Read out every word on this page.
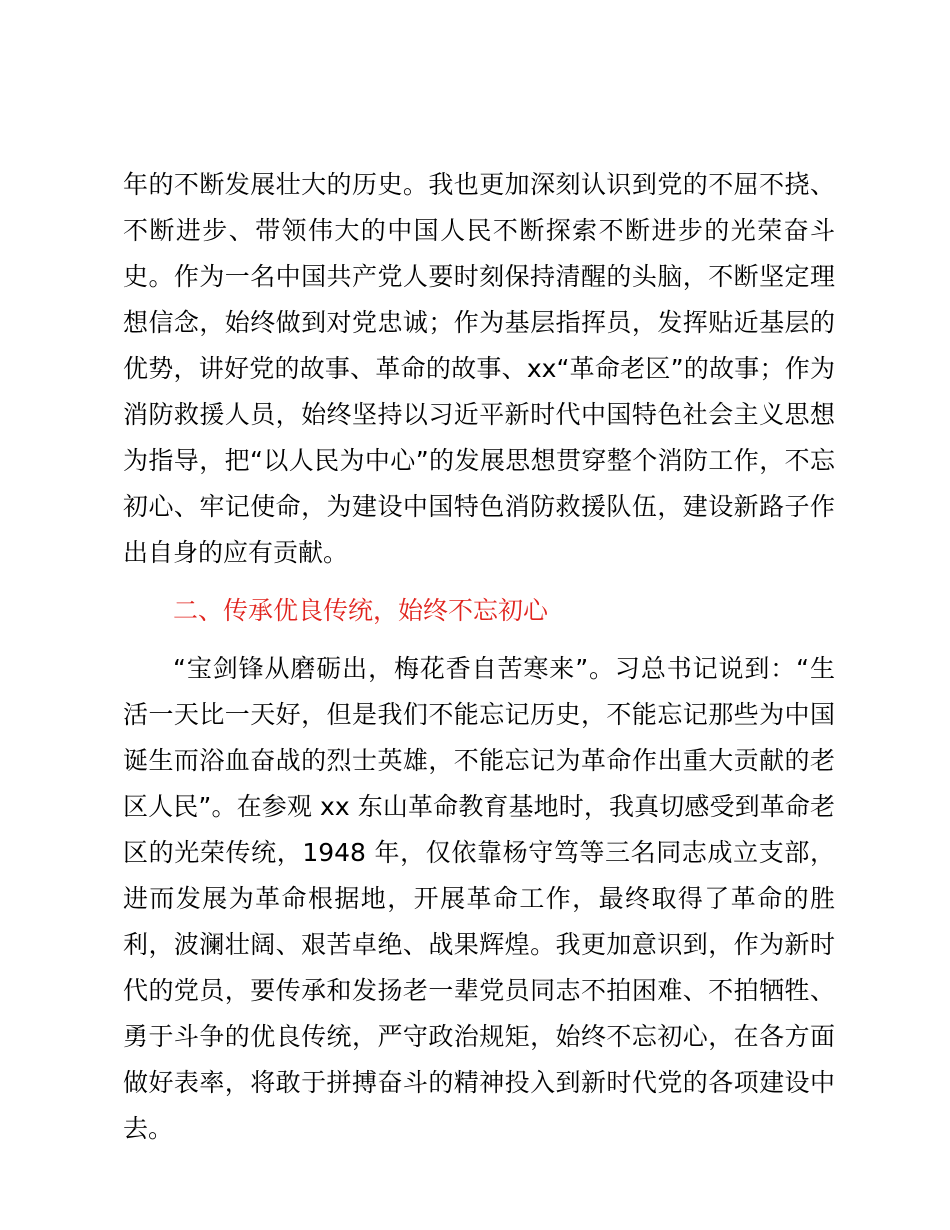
年的不断发展壮大的历史。我也更加深刻认识到党的不屈不挠、不断进步、带领伟大的中国人民不断探索不断进步的光荣奋斗史。作为一名中国共产党人要时刻保持清醒的头脑，不断坚定理想信念，始终做到对党忠诚；作为基层指挥员，发挥贴近基层的优势，讲好党的故事、革命的故事、xx“革命老区”的故事；作为消防救援人员，始终坚持以习近平新时代中国特色社会主义思想为指导，把“以人民为中心”的发展思想贯穿整个消防工作，不忘初心、牢记使命，为建设中国特色消防救援队伍，建设新路子作出自身的应有贡献。

二、传承优良传统，始终不忘初心

“宝剑锋从磨砺出，梅花香自苦寒来”。习总书记说到：“生活一天比一天好，但是我们不能忘记历史，不能忘记那些为中国诞生而浴血奋战的烈士英雄，不能忘记为革命作出重大贡献的老区人民”。在参观 xx 东山革命教育基地时，我真切感受到革命老区的光荣传统，1948 年，仅依靠杨守笃等三名同志成立支部，进而发展为革命根据地，开展革命工作，最终取得了革命的胜利，波澜壮阔、艰苦卓绝、战果辉煌。我更加意识到，作为新时代的党员，要传承和发扬老一辈党员同志不拍困难、不拍牺牲、勇于斗争的优良传统，严守政治规矩，始终不忘初心，在各方面做好表率，将敢于拼搏奋斗的精神投入到新时代党的各项建设中去。
